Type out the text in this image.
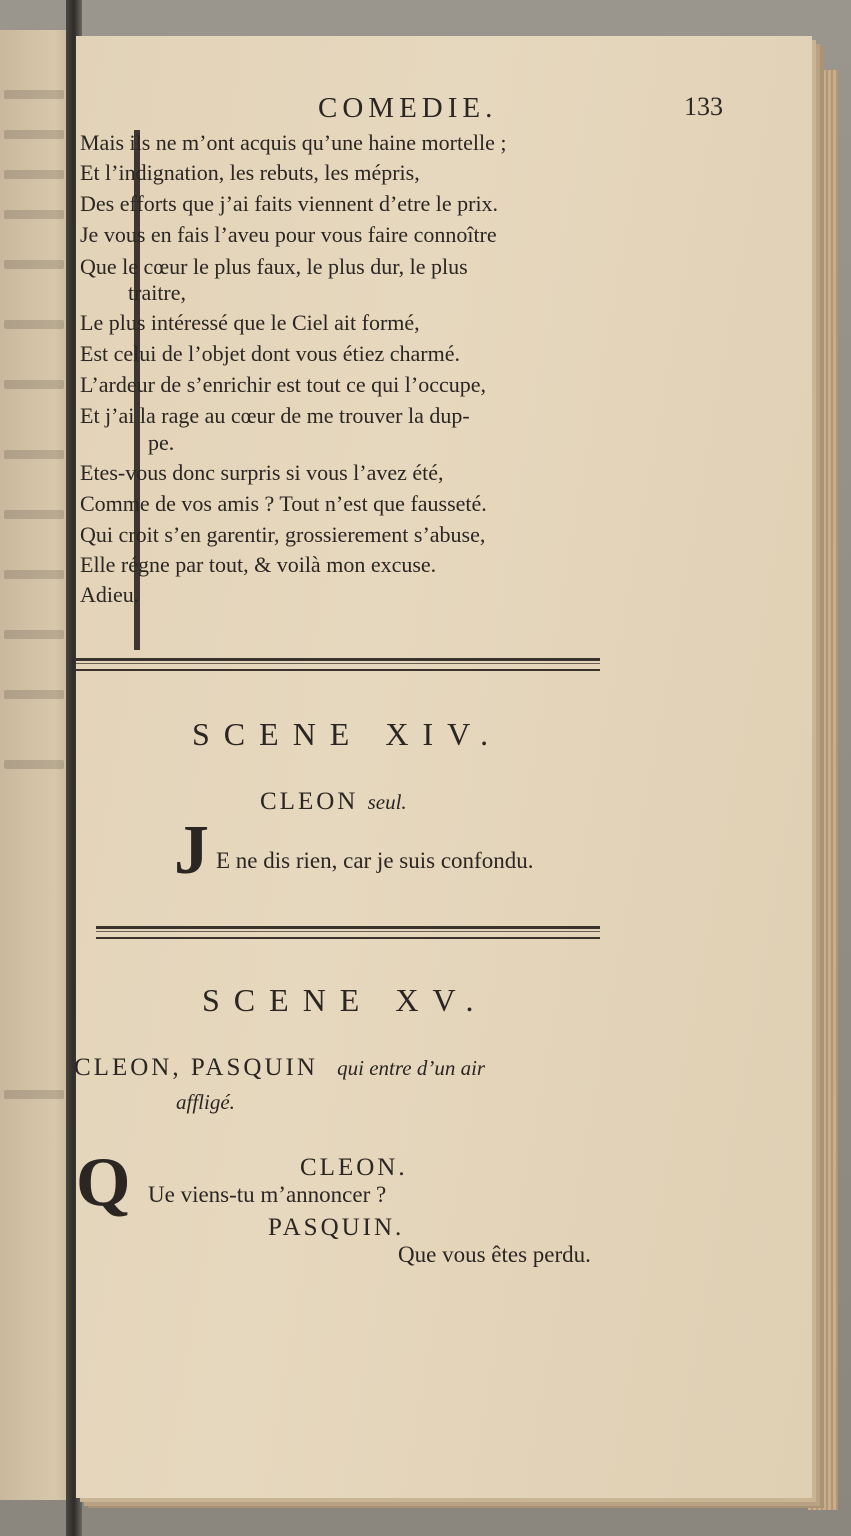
COMEDIE.	133
Mais ils ne m’ont acquis qu’une haine mortelle ;
Et l’indignation, les rebuts, les mépris,
Des efforts que j’ai faits viennent d’etre le prix.
Je vous en fais l’aveu pour vous faire connoître
Que le cœur le plus faux, le plus dur, le plus
traitre,
Le plus intéressé que le Ciel ait formé,
Est celui de l’objet dont vous étiez charmé.
L’ardeur de s’enrichir est tout ce qui l’occupe,
Et j’ai la rage au cœur de me trouver la dup-
pe.
Etes-vous donc surpris si vous l’avez été,
Comme de vos amis ? Tout n’est que fausseté.
Qui croit s’en garentir, grossierement s’abuse,
Elle régne par tout, & voilà mon excuse.
Adieu.
SCENE XIV.
CLEON seul.
J E ne dis rien, car je suis confondu.
SCENE XV.
CLEON, PASQUIN qui entre d’un air
affligé.
CLEON.
Q Ue viens-tu m’annoncer ?
PASQUIN.
Que vous êtes perdu.
